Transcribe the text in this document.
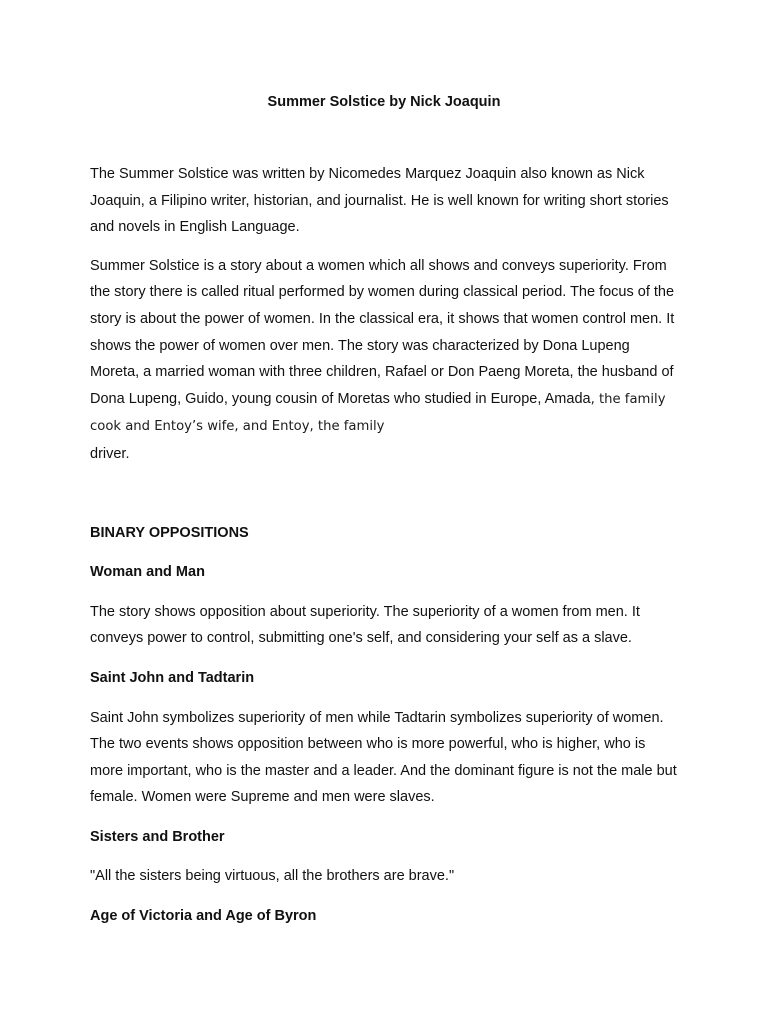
Summer Solstice by Nick Joaquin

The Summer Solstice was written by Nicomedes Marquez Joaquin also known as Nick Joaquin, a Filipino writer, historian, and journalist. He is well known for writing short stories and novels in English Language.

Summer Solstice is a story about a women which all shows and conveys superiority. From the story there is called ritual performed by women during classical period. The focus of the story is about the power of women. In the classical era, it shows that women control men. It shows the power of women over men. The story was characterized by Dona Lupeng Moreta, a married woman with three children, Rafael or Don Paeng Moreta, the husband of Dona Lupeng, Guido, young cousin of Moretas who studied in Europe, Amada, the family cook and Entoy’s wife, and Entoy, the family
driver.

BINARY OPPOSITIONS

Woman and Man

The story shows opposition about superiority. The superiority of a women from men. It conveys power to control, submitting one's self, and considering your self as a slave.

Saint John and Tadtarin

Saint John symbolizes superiority of men while Tadtarin symbolizes superiority of women. The two events shows opposition between who is more powerful, who is higher, who is more important, who is the master and a leader. And the dominant figure is not the male but female. Women were Supreme and men were slaves.

Sisters and Brother

"All the sisters being virtuous, all the brothers are brave."

Age of Victoria and Age of Byron
